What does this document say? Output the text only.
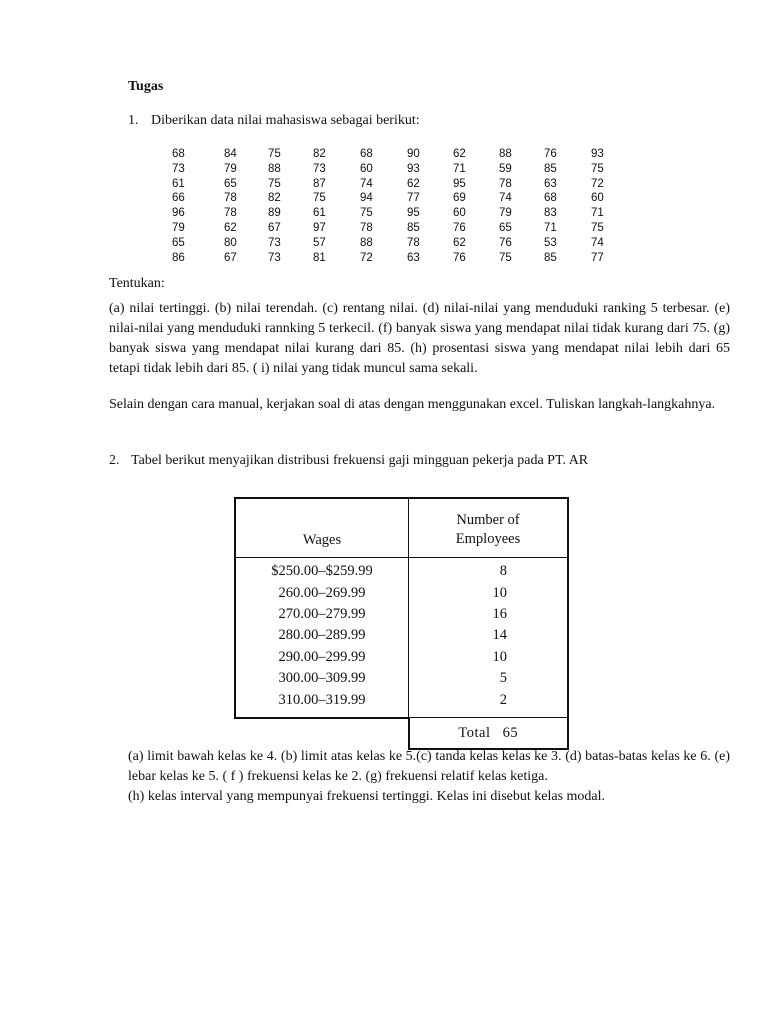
Tugas
1. Diberikan data nilai mahasiswa sebagai berikut:
68	84	75	82	68	90	62	88	76	93
73	79	88	73	60	93	71	59	85	75
61	65	75	87	74	62	95	78	63	72
66	78	82	75	94	77	69	74	68	60
96	78	89	61	75	95	60	79	83	71
79	62	67	97	78	85	76	65	71	75
65	80	73	57	88	78	62	76	53	74
86	67	73	81	72	63	76	75	85	77

Tentukan:

(a) nilai tertinggi. (b) nilai terendah. (c) rentang nilai. (d) nilai-nilai yang menduduki ranking 5 terbesar. (e) nilai-nilai yang menduduki rannking 5 terkecil. (f) banyak siswa yang mendapat nilai tidak kurang dari 75. (g) banyak siswa yang mendapat nilai kurang dari 85. (h) prosentasi siswa yang mendapat nilai lebih dari 65 tetapi tidak lebih dari 85. ( i) nilai yang tidak muncul sama sekali.

Selain dengan cara manual, kerjakan soal di atas dengan menggunakan excel. Tuliskan langkah-langkahnya.

2. Tabel berikut menyajikan distribusi frekuensi gaji mingguan pekerja pada PT. AR

Wages	Number of
Employees
$250.00–$259.99	8
260.00–269.99	10
270.00–279.99	16
280.00–289.99	14
290.00–299.99	10
300.00–309.99	5
310.00–319.99	2
	Total 65
(a) limit bawah kelas ke 4. (b) limit atas kelas ke 5.(c) tanda kelas kelas ke 3. (d) batas-batas kelas ke 6. (e) lebar kelas ke 5. ( f ) frekuensi kelas ke 2. (g) frekuensi relatif kelas ketiga.
(h) kelas interval yang mempunyai frekuensi tertinggi. Kelas ini disebut kelas modal.
